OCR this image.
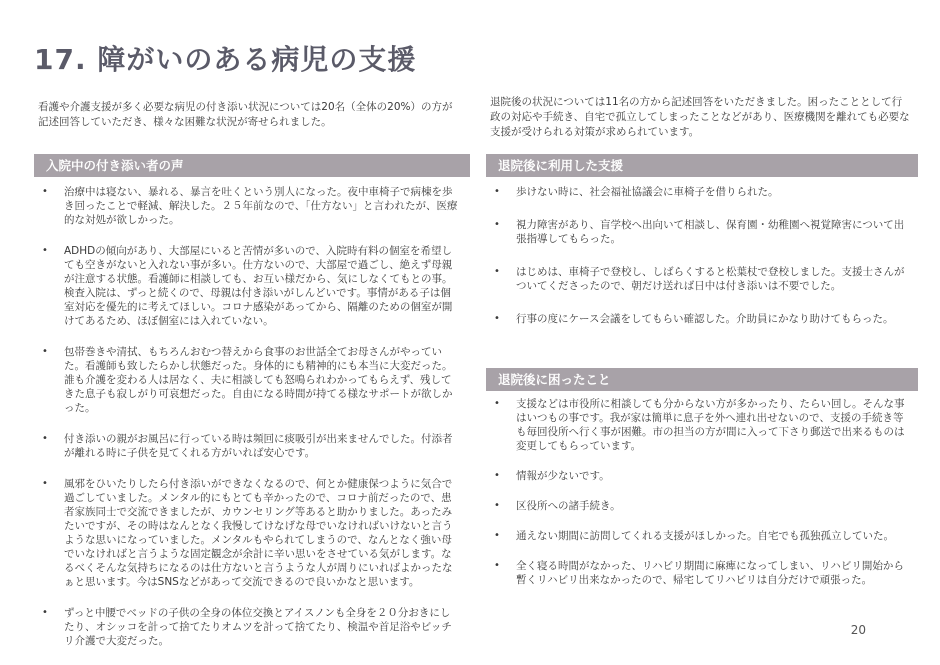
17. 障がいのある病児の支援
看護や介護支援が多く必要な病児の付き添い状況については20名（全体の20%）の方が記述回答していただき、様々な困難な状況が寄せられました。
退院後の状況については11名の方から記述回答をいただきました。困ったこととして行政の対応や手続き、自宅で孤立してしまったことなどがあり、医療機関を離れても必要な支援が受けられる対策が求められています。
入院中の付き添い者の声
• 治療中は寝ない、暴れる、暴言を吐くという別人になった。夜中車椅子で病棟を歩き回ったことで軽減、解決した。２５年前なので、「仕方ない」と言われたが、医療的な対処が欲しかった。
• ADHDの傾向があり、大部屋にいると苦情が多いので、入院時有料の個室を希望しても空きがないと入れない事が多い。仕方ないので、大部屋で過ごし、絶えず母親が注意する状態。看護師に相談しても、お互い様だから、気にしなくてもとの事。検査入院は、ずっと続くので、母親は付き添いがしんどいです。事情がある子は個室対応を優先的に考えてほしい。コロナ感染があってから、隔離のための個室が開けてあるため、ほぼ個室には入れていない。
• 包帯巻きや清拭、もちろんおむつ替えから食事のお世話全てお母さんがやっていた。看護師も致したらかし状態だった。身体的にも精神的にも本当に大変だった。誰も介護を変わる人は居なく、夫に相談しても怒鳴られわかってもらえず、残してきた息子も寂しがり可哀想だった。自由になる時間が持てる様なサポートが欲しかった。
• 付き添いの親がお風呂に行っている時は頻回に痰吸引が出来ませんでした。付添者が離れる時に子供を見てくれる方がいれば安心です。
• 風邪をひいたりしたら付き添いができなくなるので、何とか健康保つように気合で過ごしていました。メンタル的にもとても辛かったので、コロナ前だったので、患者家族同士で交流できましたが、カウンセリング等あると助かりました。あったみたいですが、その時はなんとなく我慢してけなげな母でいなければいけないと言うような思いになっていました。メンタルもやられてしまうので、なんとなく強い母でいなければと言うような固定観念が余計に辛い思いをさせている気がします。なるべくそんな気持ちになるのは仕方ないと言うような人が周りにいればよかったなぁと思います。今はSNSなどがあって交流できるので良いかなと思います。
• ずっと中腰でベッドの子供の全身の体位交換とアイスノンも全身を２０分おきにしたり、オシッコを計って捨てたりオムツを計って捨てたり、検温や首足浴やビッチリ介護で大変だった。
退院後に利用した支援
• 歩けない時に、社会福祉協議会に車椅子を借りられた。
• 視力障害があり、盲学校へ出向いて相談し、保育園・幼稚園へ視覚障害について出張指導してもらった。
• はじめは、車椅子で登校し、しばらくすると松葉杖で登校しました。支援士さんがついてくださったので、朝だけ送れば日中は付き添いは不要でした。
• 行事の度にケース会議をしてもらい確認した。介助員にかなり助けてもらった。
退院後に困ったこと
• 支援などは市役所に相談しても分からない方が多かったり、たらい回し。そんな事はいつもの事です。我が家は簡単に息子を外へ連れ出せないので、支援の手続き等も毎回役所へ行く事が困難。市の担当の方が間に入って下さり郵送で出来るものは変更してもらっています。
• 情報が少ないです。
• 区役所への諸手続き。
• 通えない期間に訪問してくれる支援がほしかった。自宅でも孤独孤立していた。
• 全く寝る時間がなかった、リハビリ期間に麻痺になってしまい、リハビリ開始から暫くリハビリ出来なかったので、帰宅してリハビリは自分だけで頑張った。
20
